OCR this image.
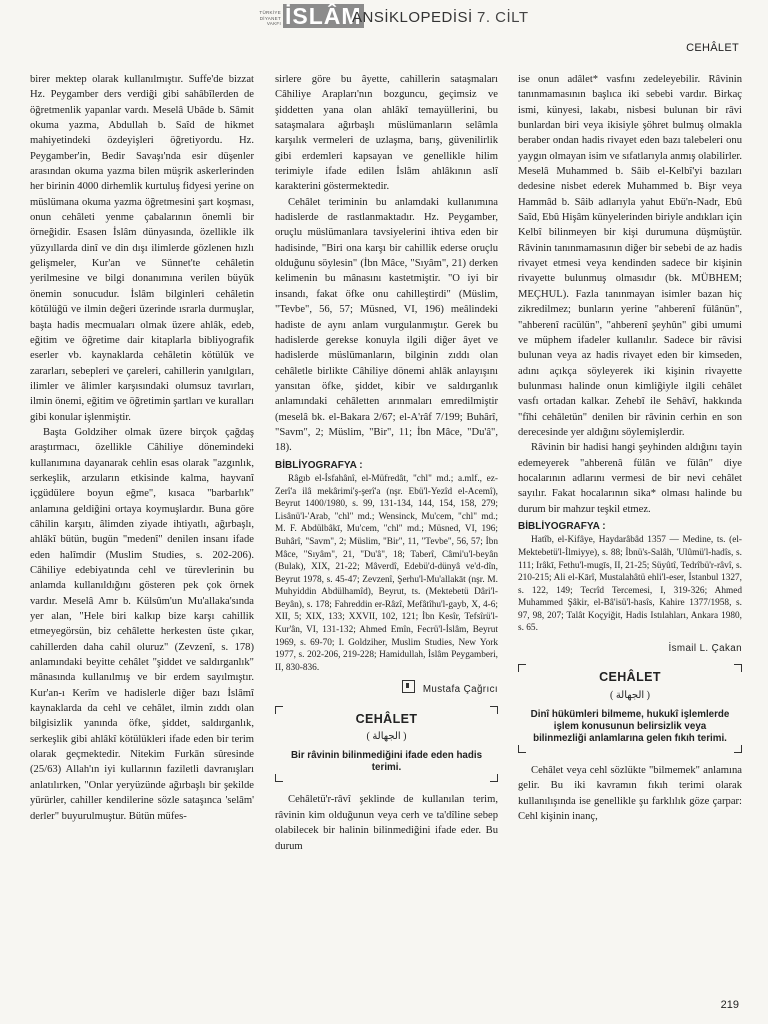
TÜRKİYE DİYANET VAKFI İSLÂM
ANSİKLOPEDİSİ 7. CİLT
CEHÂLET

birer mektep olarak kullanılmıştır. Suffe'de bizzat Hz. Peygamber ders verdiği gibi sahâbîlerden de öğretmenlik yapanlar vardı. Meselâ Ubâde b. Sâmit okuma yazma, Abdullah b. Saîd de hikmet mahiyetindeki özdeyişleri öğretiyordu. Hz. Peygamber'in, Bedir Savaşı'nda esir düşenler arasından okuma yazma bilen müşrik askerlerinden her birinin 4000 dirhemlik kurtuluş fidyesi yerine on müslümana okuma yazma öğretmesini şart koşması, onun cehâleti yenme çabalarının önemli bir örneğidir. Esasen İslâm dünyasında, özellikle ilk yüzyıllarda dinî ve din dışı ilimlerde gözlenen hızlı gelişmeler, Kur'an ve Sünnet'te cehâletin yerilmesine ve bilgi donanımına verilen büyük önemin sonucudur. İslâm bilginleri cehâletin kötülüğü ve ilmin değeri üzerinde ısrarla durmuşlar, başta hadis mecmuaları olmak üzere ahlâk, edeb, eğitim ve öğretime dair kitaplarla bibliyografik eserler vb. kaynaklarda cehâletin kötülük ve zararları, sebepleri ve çareleri, cahillerin yanılgıları, ilimler ve âlimler karşısındaki olumsuz tavırları, ilmin önemi, eğitim ve öğretimin şartları ve kuralları gibi konular işlenmiştir.

Başta Goldziher olmak üzere birçok çağdaş araştırmacı, özellikle Câhiliye dönemindeki kullanımına dayanarak cehlin esas olarak "azgınlık, serkeşlik, arzuların etkisinde kalma, hayvanî içgüdülere boyun eğme", kısaca "barbarlık" anlamına geldiğini ortaya koymuşlardır. Buna göre câhilin karşıtı, âlimden ziyade ihtiyatlı, ağırbaşlı, ahlâkî bütün, bugün "medenî" denilen insanı ifade eden halîmdir (Muslim Studies, s. 202-206). Câhiliye edebiyatında cehl ve türevlerinin bu anlamda kullanıldığını gösteren pek çok örnek vardır. Meselâ Amr b. Külsûm'un Mu'allaka'sında yer alan, "Hele biri kalkıp bize karşı cahillik etmeyegörsün, biz cehâlette herkesten üste çıkar, cahillerden daha cahil oluruz" (Zevzenî, s. 178) anlamındaki beyitte cehâlet "şiddet ve saldırganlık" mânasında kullanılmış ve bir erdem sayılmıştır. Kur'an-ı Kerîm ve hadislerle diğer bazı İslâmî kaynaklarda da cehl ve cehâlet, ilmin zıddı olan bilgisizlik yanında öfke, şiddet, saldırganlık, serkeşlik gibi ahlâkî kötülükleri ifade eden bir terim olarak geçmektedir. Nitekim Furkān sûresinde (25/63) Allah'ın iyi kullarının faziletli davranışları anlatılırken, "Onlar yeryüzünde ağırbaşlı bir şekilde yürürler, cahiller kendilerine sözle sataşınca 'selâm' derler" buyurulmuştur. Bütün müfes-

sirlere göre bu âyette, cahillerin sataşmaları Câhiliye Arapları'nın bozguncu, geçimsiz ve şiddetten yana olan ahlâkî temayüllerini, bu sataşmalara ağırbaşlı müslümanların selâmla karşılık vermeleri de uzlaşma, barış, güvenilirlik gibi erdemleri kapsayan ve genellikle hilim terimiyle ifade edilen İslâm ahlâkının aslî karakterini göstermektedir.

Cehâlet teriminin bu anlamdaki kullanımına hadislerde de rastlanmaktadır. Hz. Peygamber, oruçlu müslümanlara tavsiyelerini ihtiva eden bir hadisinde, "Biri ona karşı bir cahillik ederse oruçlu olduğunu söylesin" (İbn Mâce, "Sıyâm", 21) derken kelimenin bu mânasını kastetmiştir. "O iyi bir insandı, fakat öfke onu cahilleştirdi" (Müslim, "Tevbe", 56, 57; Müsned, VI, 196) meâlindeki hadiste de aynı anlam vurgulanmıştır. Gerek bu hadislerde gerekse konuyla ilgili diğer âyet ve hadislerde müslümanların, bilginin zıddı olan cehâletle birlikte Câhiliye dönemi ahlâk anlayışını yansıtan öfke, şiddet, kibir ve saldırganlık anlamındaki cehâletten arınmaları emredilmiştir (meselâ bk. el-Bakara 2/67; el-A'râf 7/199; Buhârî, "Savm", 2; Müslim, "Bir", 11; İbn Mâce, "Du'â", 18).

BİBLİYOGRAFYA :

Râgıb el-İsfahânî, el-Müfredât, "chl" md.; a.mlf., ez-Zerî'a ilâ mekârimi'ş-şerî'a (nşr. Ebü'l-Yezîd el-Acemî), Beyrut 1400/1980, s. 99, 131-134, 144, 154, 158, 279; Lisânü'l-'Arab, "chl" md.; Wensinck, Mu'cem, "chl" md.; M. F. Abdülbâkī, Mu'cem, "chl" md.; Müsned, VI, 196; Buhârî, "Savm", 2; Müslim, "Bir", 11, "Tevbe", 56, 57; İbn Mâce, "Sıyâm", 21, "Du'â", 18; Taberî, Câmi'u'l-beyân (Bulak), XIX, 21-22; Mâverdî, Edebü'd-dünyâ ve'd-dîn, Beyrut 1978, s. 45-47; Zevzenî, Şerhu'l-Mu'allakāt (nşr. M. Muhyiddin Abdülhamîd), Beyrut, ts. (Mektebetü Dâri'l-Beyân), s. 178; Fahreddin er-Râzî, Mefâtîhu'l-gayb, X, 4-6; XII, 5; XIX, 133; XXVII, 102, 121; İbn Kesîr, Tefsîrü'l-Kur'ân, VI, 131-132; Ahmed Emîn, Fecrü'l-İslâm, Beyrut 1969, s. 69-70; I. Goldziher, Muslim Studies, New York 1977, s. 202-206, 219-228; Hamidullah, İslâm Peygamberi, II, 830-836.

Mustafa Çağrıcı
CEHÂLET
( الجهالة )
Bir râvinin bilinmediğini ifade eden hadis terimi.

Cehâletü'r-râvî şeklinde de kullanılan terim, râvinin kim olduğunun veya cerh ve ta'dîline sebep olabilecek bir halinin bilinmediğini ifade eder. Bu durum

ise onun adâlet* vasfını zedeleyebilir. Râvinin tanınmamasının başlıca iki sebebi vardır. Birkaç ismi, künyesi, lakabı, nisbesi bulunan bir râvi bunlardan biri veya ikisiyle şöhret bulmuş olmakla beraber ondan hadis rivayet eden bazı talebeleri onu yaygın olmayan isim ve sıfatlarıyla anmış olabilirler. Meselâ Muhammed b. Sâib el-Kelbî'yi bazıları dedesine nisbet ederek Muhammed b. Bişr veya Hammâd b. Sâib adlarıyla yahut Ebü'n-Nadr, Ebû Saîd, Ebû Hişâm künyelerinden biriyle andıkları için Kelbî bilinmeyen bir kişi durumuna düşmüştür. Râvinin tanınmamasının diğer bir sebebi de az hadis rivayet etmesi veya kendinden sadece bir kişinin rivayette bulunmuş olmasıdır (bk. MÜBHEM; MEÇHUL). Fazla tanınmayan isimler bazan hiç zikredilmez; bunların yerine "ahberenî fülânün", "ahberenî racülün", "ahberenî şeyhûn" gibi umumi ve müphem ifadeler kullanılır. Sadece bir râvisi bulunan veya az hadis rivayet eden bir kimseden, adını açıkça söyleyerek iki kişinin rivayette bulunması halinde onun kimliğiyle ilgili cehâlet vasfı ortadan kalkar. Zehebî ile Sehâvî, hakkında "fîhi cehâletün" denilen bir râvinin cerhin en son derecesinde yer aldığını söylemişlerdir.

Râvinin bir hadisi hangi şeyhinden aldığını tayin edemeyerek "ahberenâ fülân ve fülân" diye hocalarının adlarını vermesi de bir nevi cehâlet sayılır. Fakat hocalarının sika* olması halinde bu durum bir mahzur teşkil etmez.

BİBLİYOGRAFYA :

Hatîb, el-Kifâye, Haydarâbâd 1357 — Medine, ts. (el-Mektebetü'l-İlmiyye), s. 88; İbnü's-Salâh, 'Ulûmü'l-hadîs, s. 111; Irâkī, Fethu'l-mugīs, II, 21-25; Süyûtî, Tedrîbü'r-râvî, s. 210-215; Ali el-Kārî, Mustalahâtü ehli'l-eser, İstanbul 1327, s. 122, 149; Tecrîd Tercemesi, I, 319-326; Ahmed Muhammed Şâkir, el-Bâ'isü'l-hasîs, Kahire 1377/1958, s. 97, 98, 207; Talât Koçyiğit, Hadis Istılahları, Ankara 1980, s. 65.

İsmail L. Çakan
CEHÂLET
( الجهالة )
Dinî hükümleri bilmeme, hukukî işlemlerde işlem konusunun belirsizlik veya bilinmezliği anlamlarına gelen fıkıh terimi.

Cehâlet veya cehl sözlükte "bilmemek" anlamına gelir. Bu iki kavramın fıkıh terimi olarak kullanılışında ise genellikle şu farklılık göze çarpar: Cehl kişinin inanç,

219
